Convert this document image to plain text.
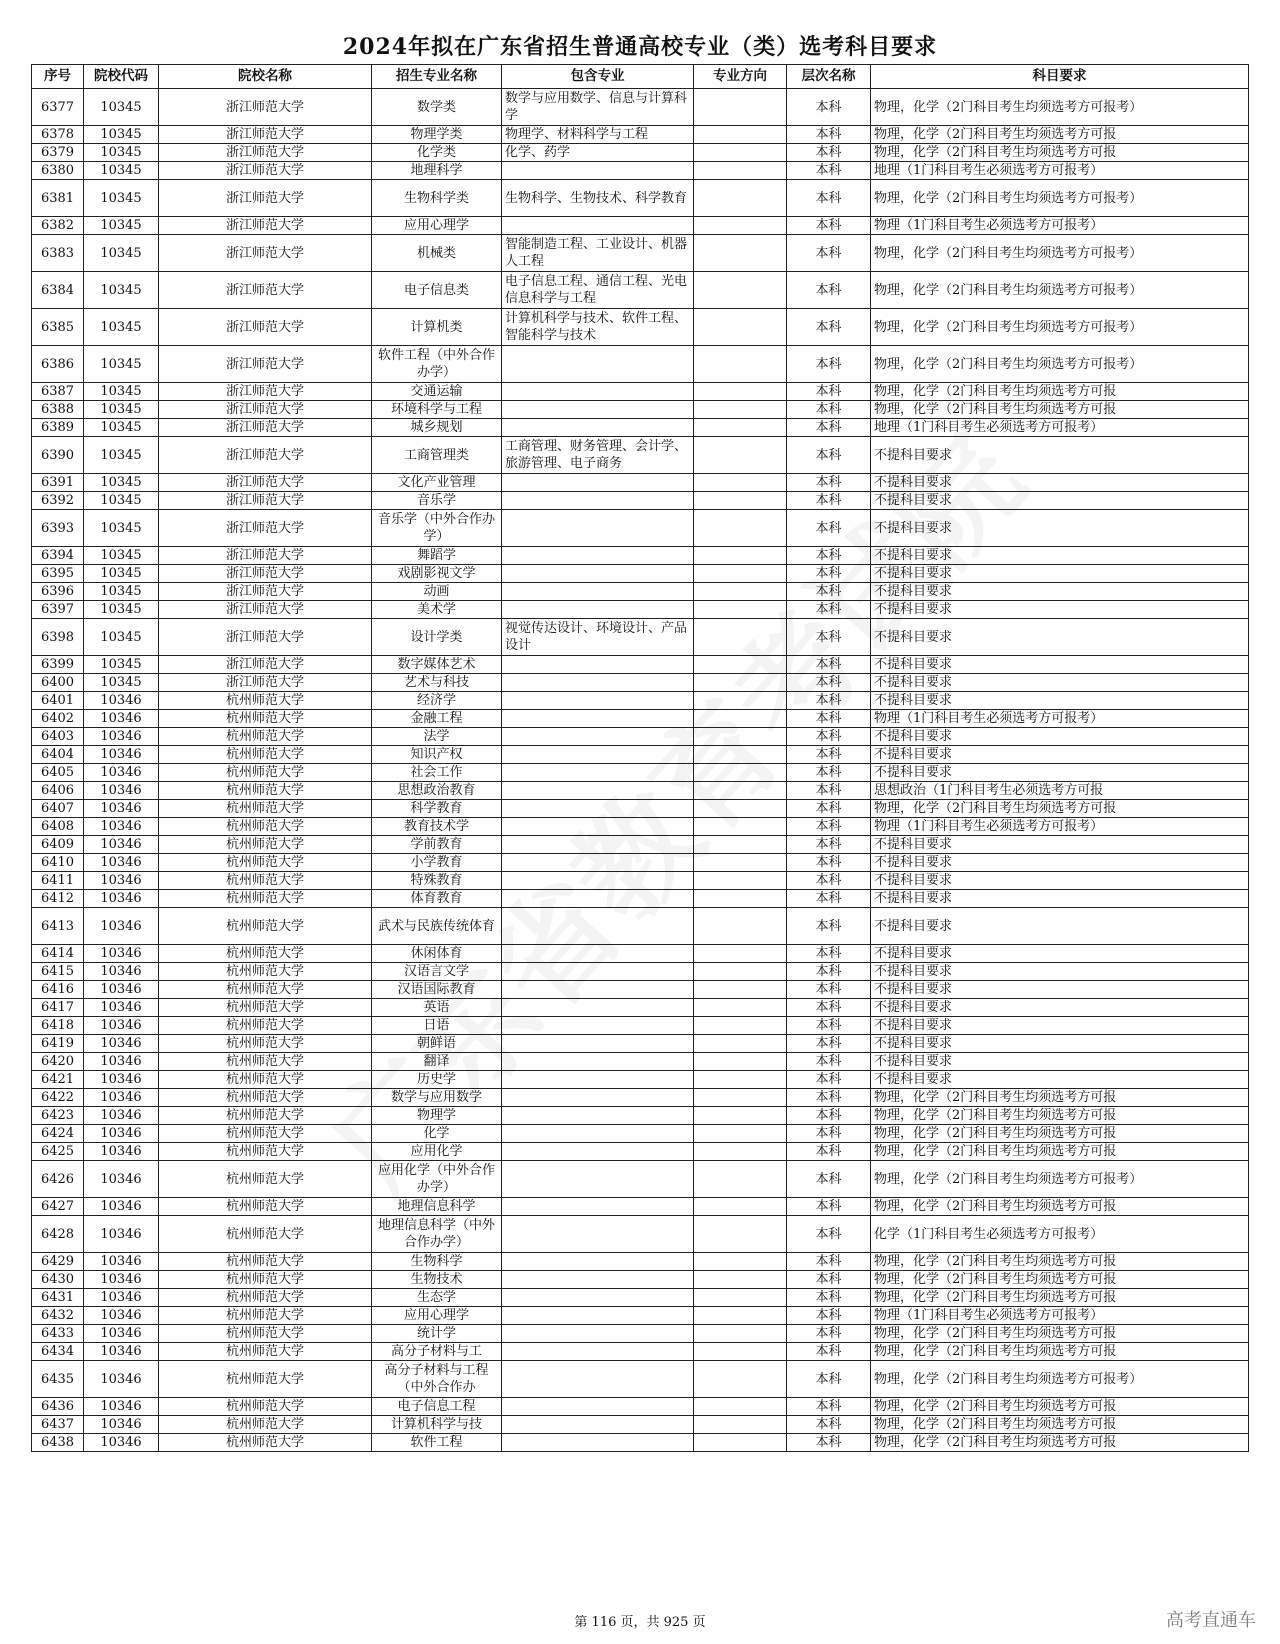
2024年拟在广东省招生普通高校专业（类）选考科目要求
序号	院校代码	院校名称	招生专业名称	包含专业	专业方向	层次名称	科目要求
6377	10345	浙江师范大学	数学类	数学与应用数学、信息与计算科学		本科	物理，化学（2门科目考生均须选考方可报考）
6378	10345	浙江师范大学	物理学类	物理学、材料科学与工程		本科	物理，化学（2门科目考生均须选考方可报
6379	10345	浙江师范大学	化学类	化学、药学		本科	物理，化学（2门科目考生均须选考方可报
6380	10345	浙江师范大学	地理科学			本科	地理（1门科目考生必须选考方可报考）
6381	10345	浙江师范大学	生物科学类	生物科学、生物技术、科学教育		本科	物理，化学（2门科目考生均须选考方可报考）
6382	10345	浙江师范大学	应用心理学			本科	物理（1门科目考生必须选考方可报考）
6383	10345	浙江师范大学	机械类	智能制造工程、工业设计、机器人工程		本科	物理，化学（2门科目考生均须选考方可报考）
6384	10345	浙江师范大学	电子信息类	电子信息工程、通信工程、光电信息科学与工程		本科	物理，化学（2门科目考生均须选考方可报考）
6385	10345	浙江师范大学	计算机类	计算机科学与技术、软件工程、智能科学与技术		本科	物理，化学（2门科目考生均须选考方可报考）
6386	10345	浙江师范大学	软件工程（中外合作办学）			本科	物理，化学（2门科目考生均须选考方可报考）
6387	10345	浙江师范大学	交通运输			本科	物理，化学（2门科目考生均须选考方可报
6388	10345	浙江师范大学	环境科学与工程			本科	物理，化学（2门科目考生均须选考方可报
6389	10345	浙江师范大学	城乡规划			本科	地理（1门科目考生必须选考方可报考）
6390	10345	浙江师范大学	工商管理类	工商管理、财务管理、会计学、旅游管理、电子商务		本科	不提科目要求
6391	10345	浙江师范大学	文化产业管理			本科	不提科目要求
6392	10345	浙江师范大学	音乐学			本科	不提科目要求
6393	10345	浙江师范大学	音乐学（中外合作办学）			本科	不提科目要求
6394	10345	浙江师范大学	舞蹈学			本科	不提科目要求
6395	10345	浙江师范大学	戏剧影视文学			本科	不提科目要求
6396	10345	浙江师范大学	动画			本科	不提科目要求
6397	10345	浙江师范大学	美术学			本科	不提科目要求
6398	10345	浙江师范大学	设计学类	视觉传达设计、环境设计、产品设计		本科	不提科目要求
6399	10345	浙江师范大学	数字媒体艺术			本科	不提科目要求
6400	10345	浙江师范大学	艺术与科技			本科	不提科目要求
6401	10346	杭州师范大学	经济学			本科	不提科目要求
6402	10346	杭州师范大学	金融工程			本科	物理（1门科目考生必须选考方可报考）
6403	10346	杭州师范大学	法学			本科	不提科目要求
6404	10346	杭州师范大学	知识产权			本科	不提科目要求
6405	10346	杭州师范大学	社会工作			本科	不提科目要求
6406	10346	杭州师范大学	思想政治教育			本科	思想政治（1门科目考生必须选考方可报
6407	10346	杭州师范大学	科学教育			本科	物理，化学（2门科目考生均须选考方可报
6408	10346	杭州师范大学	教育技术学			本科	物理（1门科目考生必须选考方可报考）
6409	10346	杭州师范大学	学前教育			本科	不提科目要求
6410	10346	杭州师范大学	小学教育			本科	不提科目要求
6411	10346	杭州师范大学	特殊教育			本科	不提科目要求
6412	10346	杭州师范大学	体育教育			本科	不提科目要求
6413	10346	杭州师范大学	武术与民族传统体育			本科	不提科目要求
6414	10346	杭州师范大学	休闲体育			本科	不提科目要求
6415	10346	杭州师范大学	汉语言文学			本科	不提科目要求
6416	10346	杭州师范大学	汉语国际教育			本科	不提科目要求
6417	10346	杭州师范大学	英语			本科	不提科目要求
6418	10346	杭州师范大学	日语			本科	不提科目要求
6419	10346	杭州师范大学	朝鲜语			本科	不提科目要求
6420	10346	杭州师范大学	翻译			本科	不提科目要求
6421	10346	杭州师范大学	历史学			本科	不提科目要求
6422	10346	杭州师范大学	数学与应用数学			本科	物理，化学（2门科目考生均须选考方可报
6423	10346	杭州师范大学	物理学			本科	物理，化学（2门科目考生均须选考方可报
6424	10346	杭州师范大学	化学			本科	物理，化学（2门科目考生均须选考方可报
6425	10346	杭州师范大学	应用化学			本科	物理，化学（2门科目考生均须选考方可报
6426	10346	杭州师范大学	应用化学（中外合作办学）			本科	物理，化学（2门科目考生均须选考方可报考）
6427	10346	杭州师范大学	地理信息科学			本科	物理，化学（2门科目考生均须选考方可报
6428	10346	杭州师范大学	地理信息科学（中外合作办学）			本科	化学（1门科目考生必须选考方可报考）
6429	10346	杭州师范大学	生物科学			本科	物理，化学（2门科目考生均须选考方可报
6430	10346	杭州师范大学	生物技术			本科	物理，化学（2门科目考生均须选考方可报
6431	10346	杭州师范大学	生态学			本科	物理，化学（2门科目考生均须选考方可报
6432	10346	杭州师范大学	应用心理学			本科	物理（1门科目考生必须选考方可报考）
6433	10346	杭州师范大学	统计学			本科	物理，化学（2门科目考生均须选考方可报
6434	10346	杭州师范大学	高分子材料与工			本科	物理，化学（2门科目考生均须选考方可报
6435	10346	杭州师范大学	高分子材料与工程（中外合作办			本科	物理，化学（2门科目考生均须选考方可报考）
6436	10346	杭州师范大学	电子信息工程			本科	物理，化学（2门科目考生均须选考方可报
6437	10346	杭州师范大学	计算机科学与技			本科	物理，化学（2门科目考生均须选考方可报
6438	10346	杭州师范大学	软件工程			本科	物理，化学（2门科目考生均须选考方可报
第 116 页，共 925 页	高考直通车
